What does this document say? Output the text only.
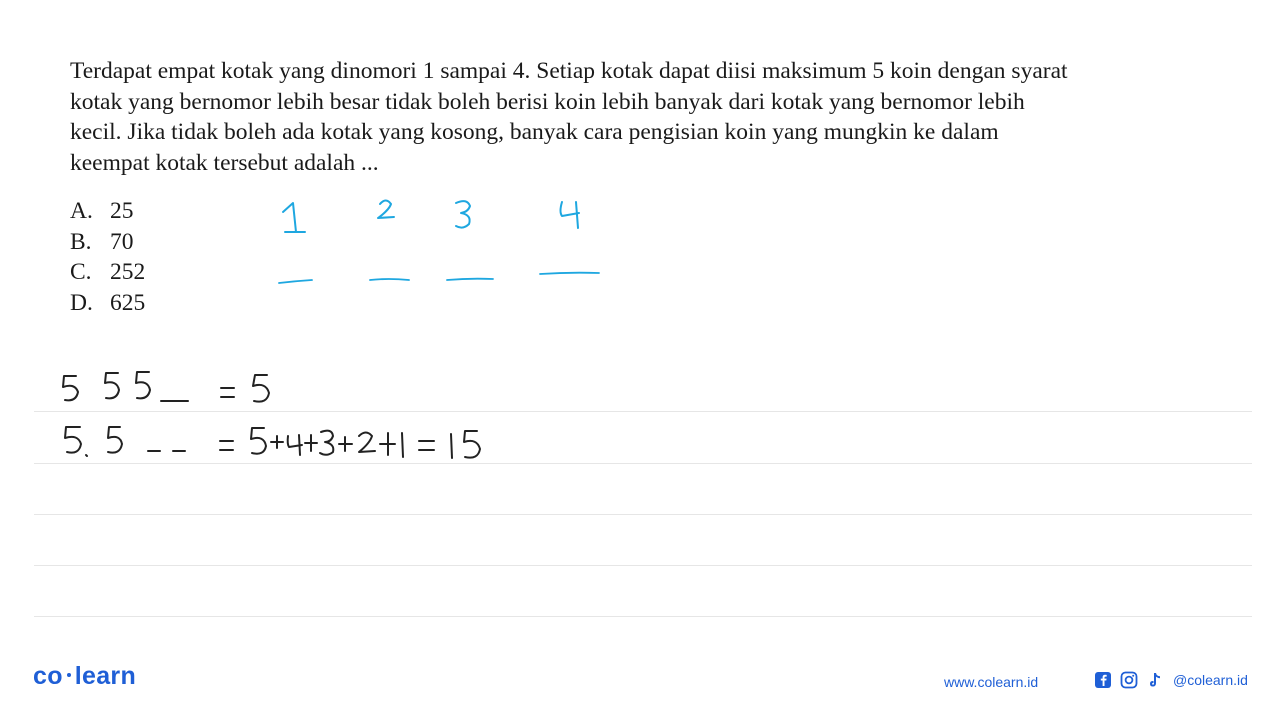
Terdapat empat kotak yang dinomori 1 sampai 4. Setiap kotak dapat diisi maksimum 5 koin dengan syarat kotak yang bernomor lebih besar tidak boleh berisi koin lebih banyak dari kotak yang bernomor lebih kecil. Jika tidak boleh ada kotak yang kosong, banyak cara pengisian koin yang mungkin ke dalam keempat kotak tersebut adalah ...

A. 25
B. 70
C. 252
D. 625
co learn	www.colearn.id	@colearn.id
